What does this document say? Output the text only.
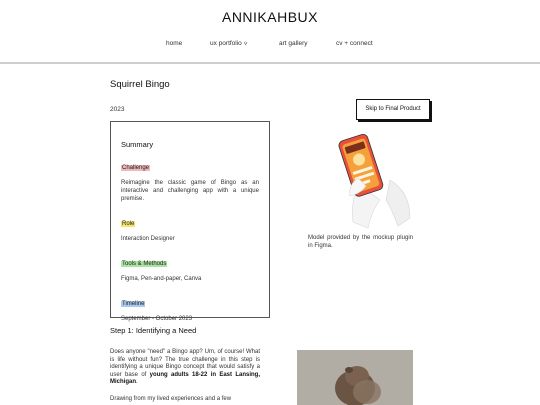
ANNIKAHBUX
home	ux portfolio ⩒	art gallery	cv + connect
Squirrel Bingo
2023	Skip to Final Product
Summary
Challenge
Reimagine the classic game of Bingo as an interactive and challenging app with a unique premise.
Role
Interaction Designer
Tools & Methods
Figma, Pen-and-paper, Canva
Timeline
September - October 2023
Model provided by the mockup plugin in Figma.
Step 1: Identifying a Need
Does anyone "need" a Bingo app? Um, of course! What is life without fun? The true challenge in this step is identifying a unique Bingo concept that would satisfy a user base of young adults 18-22 in East Lansing, Michigan.
Drawing from my lived experiences and a few
